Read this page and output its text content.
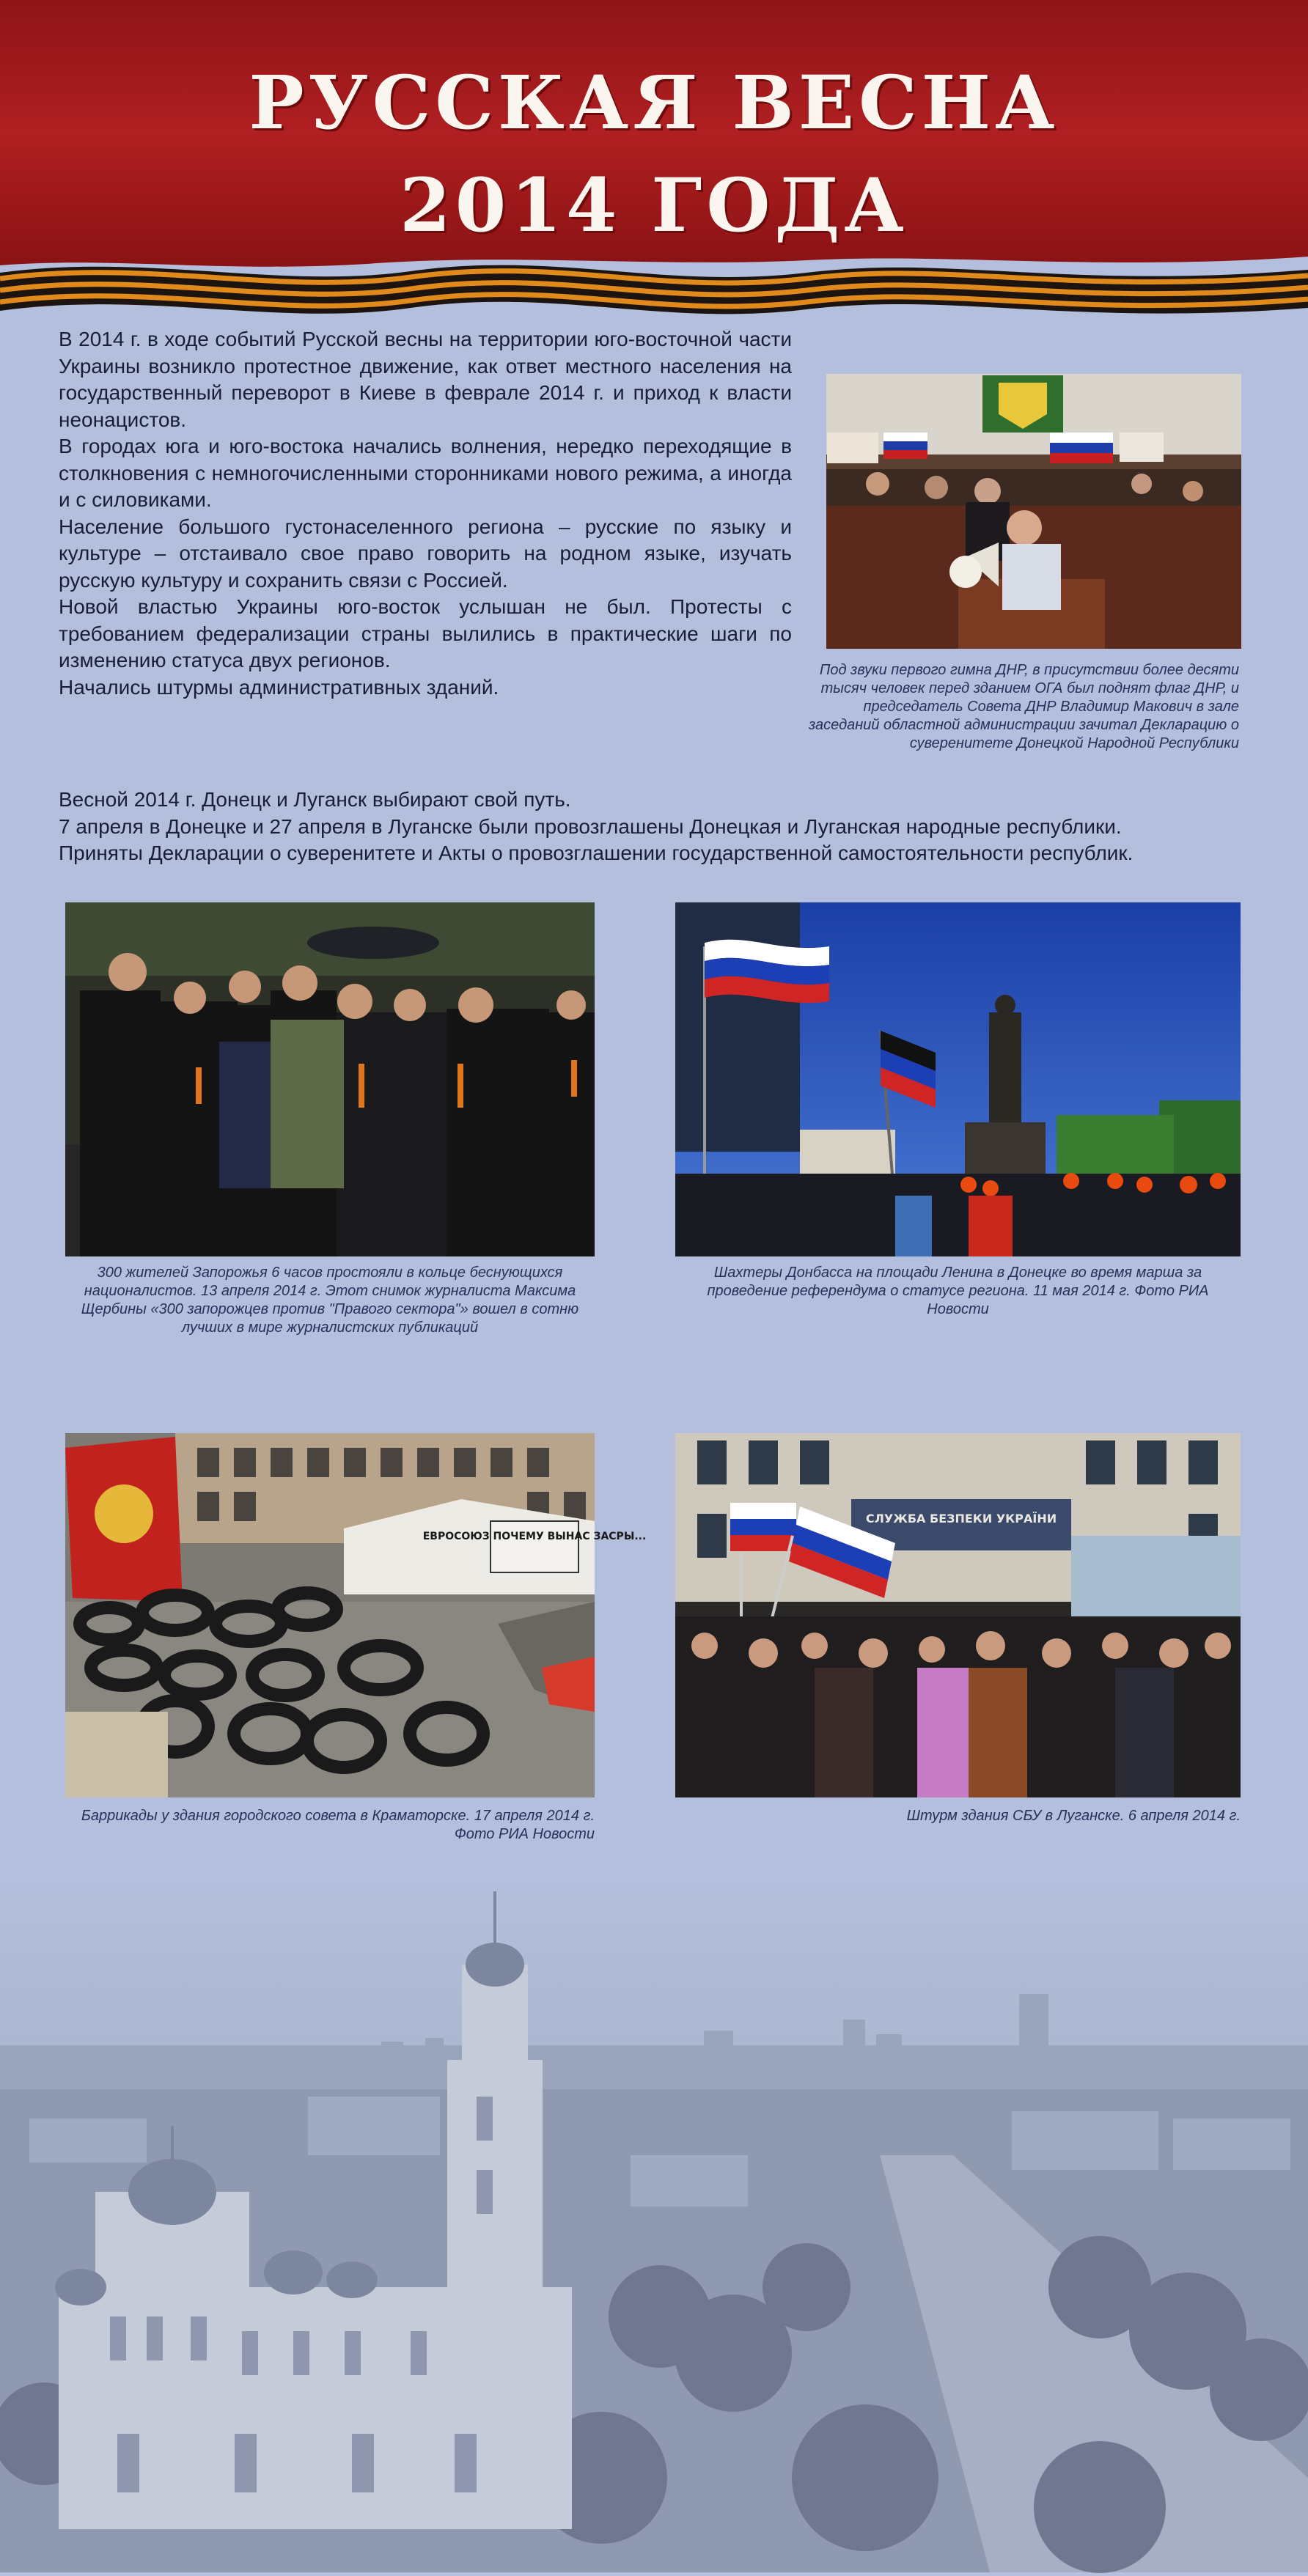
РУССКАЯ ВЕСНА
2014 ГОДА

В 2014 г. в ходе событий Русской весны на территории юго-восточной части Украины возникло протестное движение, как ответ местного населения на государственный переворот в Киеве в феврале 2014 г. и приход к власти неонацистов.

В городах юга и юго-востока начались волнения, нередко переходящие в столкновения с немногочисленными сторонниками нового режима, а иногда и с силовиками.

Население большого густонаселенного региона – русские по языку и культуре – отстаивало свое право говорить на родном языке, изучать русскую культуру и сохранить связи с Россией.

Новой властью Украины юго-восток услышан не был. Протесты с требованием федерализации страны вылились в практические шаги по изменению статуса двух регионов.

Начались штурмы административных зданий.

Под звуки первого гимна ДНР, в присутствии более десяти тысяч человек перед зданием ОГА был поднят флаг ДНР, и председатель Совета ДНР Владимир Макович в зале заседаний областной администрации зачитал Декларацию о суверенитете Донецкой Народной Республики

Весной 2014 г. Донецк и Луганск выбирают свой путь.

7 апреля в Донецке и 27 апреля в Луганске были провозглашены Донецкая и Луганская народные республики.

Приняты Декларации о суверенитете и Акты о провозглашении государственной самостоятельности республик.

300 жителей Запорожья 6 часов простояли в кольце беснующихся националистов. 13 апреля 2014 г. Этот снимок журналиста Максима Щербины «300 запорожцев против "Правого сектора"» вошел в сотню лучших в мире журналистских публикаций
Шахтеры Донбасса на площади Ленина в Донецке во время марша за проведение референдума о статусе региона. 11 мая 2014 г. Фото РИА Новости
ЕВРОСОЮЗ ПОЧЕМУ ВЫНАС ЗАСРЫ...
Баррикады у здания городского совета в Краматорске. 17 апреля 2014 г. Фото РИА Новости
СЛУЖБА БЕЗПЕКИ УКРАЇНИ
Штурм здания СБУ в Луганске. 6 апреля 2014 г.
